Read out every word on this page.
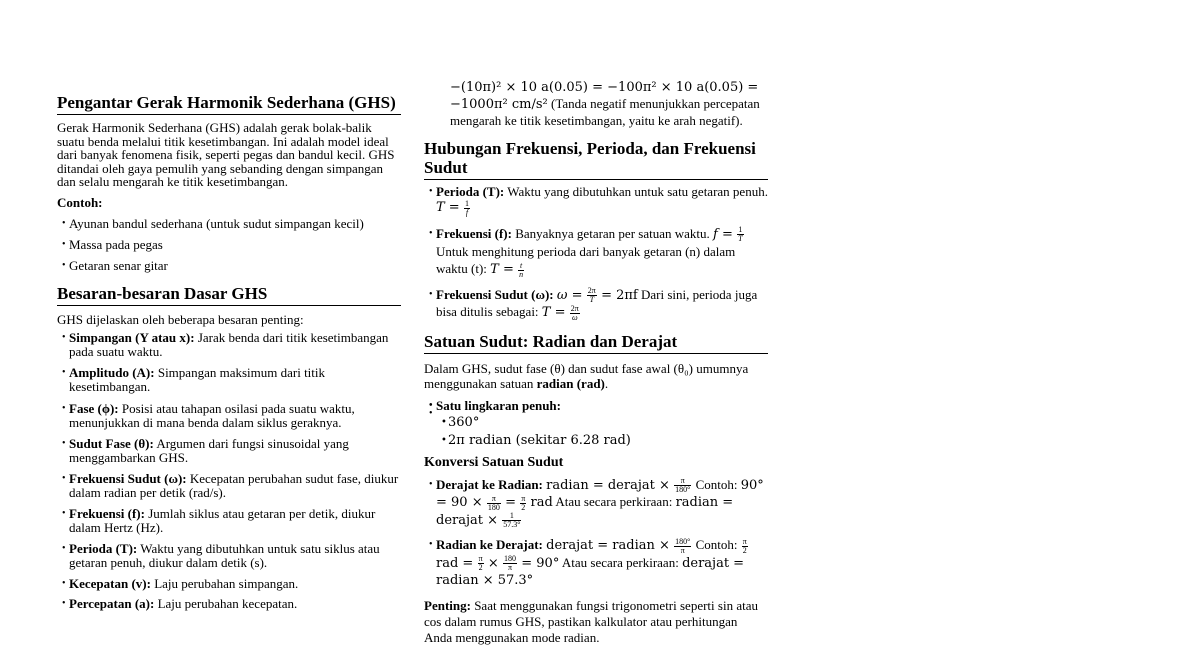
Pengantar Gerak Harmonik Sederhana (GHS)

Gerak Harmonik Sederhana (GHS) adalah gerak bolak-balik suatu benda melalui titik kesetimbangan. Ini adalah model ideal dari banyak fenomena fisik, seperti pegas dan bandul kecil. GHS ditandai oleh gaya pemulih yang sebanding dengan simpangan dan selalu mengarah ke titik kesetimbangan.

Contoh:
• Ayunan bandul sederhana (untuk sudut simpangan kecil)
• Massa pada pegas
• Getaran senar gitar
Besaran-besaran Dasar GHS

GHS dijelaskan oleh beberapa besaran penting:

• Simpangan (Y atau x): Jarak benda dari titik kesetimbangan pada suatu waktu.
• Amplitudo (A): Simpangan maksimum dari titik kesetimbangan.
• Fase (ϕ): Posisi atau tahapan osilasi pada suatu waktu, menunjukkan di mana benda dalam siklus geraknya.
• Sudut Fase (θ): Argumen dari fungsi sinusoidal yang menggambarkan GHS.
• Frekuensi Sudut (ω): Kecepatan perubahan sudut fase, diukur dalam radian per detik (rad/s).
• Frekuensi (f): Jumlah siklus atau getaran per detik, diukur dalam Hertz (Hz).
• Perioda (T): Waktu yang dibutuhkan untuk satu siklus atau getaran penuh, diukur dalam detik (s).
• Kecepatan (v): Laju perubahan simpangan.
• Percepatan (a): Laju perubahan kecepatan.

−(10π)² × 10 a(0.05) = −100π² × 10 a(0.05) =

−1000π² cm/s² (Tanda negatif menunjukkan percepatan

mengarah ke titik kesetimbangan, yaitu ke arah negatif).

Hubungan Frekuensi, Perioda, dan Frekuensi Sudut
• Perioda (T): Waktu yang dibutuhkan untuk satu getaran penuh. $T = \frac{1}{f}$
• Frekuensi (f): Banyaknya getaran per satuan waktu. $f = \frac{1}{T}$
Untuk menghitung perioda dari banyak getaran (n) dalam waktu (t): $T = \frac{t}{n}$
• Frekuensi Sudut (ω): $\omega = \frac{2\pi}{T} = 2\pi f$ Dari sini, perioda juga bisa ditulis sebagai: $T = \frac{2\pi}{\omega}$
Satuan Sudut: Radian dan Derajat

Dalam GHS, sudut fase (θ) dan sudut fase awal (θ₀) umumnya menggunakan satuan radian (rad).

• Satu lingkaran penuh:
• • 360°
• 2π radian (sekitar 6.28 rad)
Konversi Satuan Sudut
• Derajat ke Radian: radian = derajat × $\frac{\pi}{180^\circ}$ Contoh: $90^\circ = 90 \times \frac{\pi}{180} = \frac{\pi}{2}$ rad Atau secara perkiraan: radian = derajat × $\frac{1}{57.3^\circ}$
• Radian ke Derajat: derajat = radian × $\frac{180^\circ}{\pi}$ Contoh: $\frac{\pi}{2}$
rad = $\frac{\pi}{2} \times \frac{180}{\pi} = 90^\circ$ Atau secara perkiraan: derajat = radian × 57.3°

Penting: Saat menggunakan fungsi trigonometri seperti sin atau cos dalam rumus GHS, pastikan kalkulator atau perhitungan Anda menggunakan mode radian.
